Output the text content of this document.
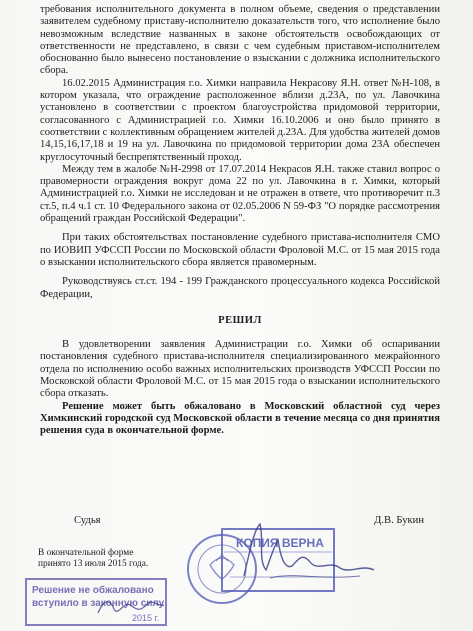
требования исполнительного документа в полном объеме, сведения о представлении заявителем судебному приставу-исполнителю доказательств того, что исполнение было невозможным вследствие названных в законе обстоятельств освобождающих от ответственности не представлено, в связи с чем судебным приставом-исполнителем обоснованно было вынесено постановление о взыскании с должника исполнительского сбора.

16.02.2015 Администрация г.о. Химки направила Некрасову Я.Н. ответ №Н-108, в котором указала, что ограждение расположенное вблизи д.23А, по ул. Лавочкина установлено в соответствии с проектом благоустройства придомовой территории, согласованного с Администрацией г.о. Химки 16.10.2006 и оно было принято в соответствии с коллективным обращением жителей д.23А. Для удобства жителей домов 14,15,16,17,18 и 19 на ул. Лавочкина по придомовой территории дома 23А обеспечен круглосуточный беспрепятственный проход.

Между тем в жалобе №Н-2998 от 17.07.2014 Некрасов Я.Н. также ставил вопрос о правомерности ограждения вокруг дома 22 по ул. Лавочкина в г. Химки, который Администрацией г.о. Химки не исследован и не отражен в ответе, что противоречит п.3 ст.5, п.4 ч.1 ст. 10 Федерального закона от 02.05.2006 N 59-ФЗ "О порядке рассмотрения обращений граждан Российской Федерации".

При таких обстоятельствах постановление судебного пристава-исполнителя СМО по ИОВИП УФССП России по Московской области Фроловой М.С. от 15 мая 2015 года о взыскании исполнительского сбора является правомерным.

Руководствуясь ст.ст. 194 - 199 Гражданского процессуального кодекса Российской Федерации,

РЕШИЛ

В удовлетворении заявления Администрации г.о. Химки об оспаривании постановления судебного пристава-исполнителя специализированного межрайонного отдела по исполнению особо важных исполнительских производств УФССП России по Московской области Фроловой М.С. от 15 мая 2015 года о взыскании исполнительского сбора отказать.

Решение может быть обжаловано в Московский областной суд через Химкинский городской суд Московской области в течение месяца со дня принятия решения суда в окончательной форме.

Судья	Д.В. Букин
КОПИЯ ВЕРНА
В окончательной форме принято 13 июля 2015 года.
Решение не обжаловано
вступило в законную силу
2015 г.
